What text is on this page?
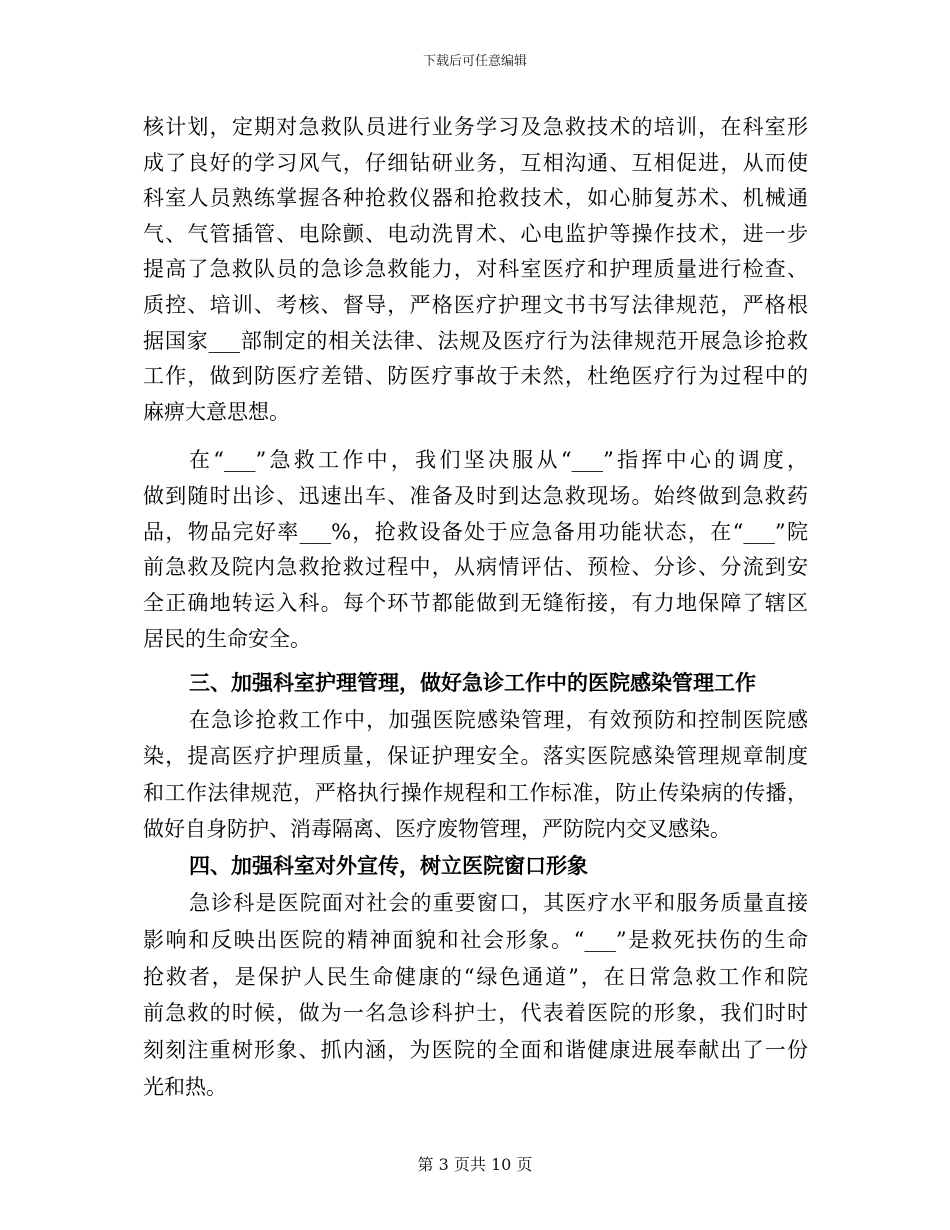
下载后可任意编辑
核计划，定期对急救队员进行业务学习及急救技术的培训，在科室形
成了良好的学习风气，仔细钻研业务，互相沟通、互相促进，从而使
科室人员熟练掌握各种抢救仪器和抢救技术，如心肺复苏术、机械通
气、气管插管、电除颤、电动洗胃术、心电监护等操作技术，进一步
提高了急救队员的急诊急救能力，对科室医疗和护理质量进行检查、
质控、培训、考核、督导，严格医疗护理文书书写法律规范，严格根
据国家___部制定的相关法律、法规及医疗行为法律规范开展急诊抢救
工作，做到防医疗差错、防医疗事故于未然，杜绝医疗行为过程中的
麻痹大意思想。
在“___”急救工作中，我们坚决服从“___”指挥中心的调度，
做到随时出诊、迅速出车、准备及时到达急救现场。始终做到急救药
品，物品完好率___%，抢救设备处于应急备用功能状态，在“___”院
前急救及院内急救抢救过程中，从病情评估、预检、分诊、分流到安
全正确地转运入科。每个环节都能做到无缝衔接，有力地保障了辖区
居民的生命安全。
三、加强科室护理管理，做好急诊工作中的医院感染管理工作
在急诊抢救工作中，加强医院感染管理，有效预防和控制医院感
染，提高医疗护理质量，保证护理安全。落实医院感染管理规章制度
和工作法律规范，严格执行操作规程和工作标准，防止传染病的传播，
做好自身防护、消毒隔离、医疗废物管理，严防院内交叉感染。
四、加强科室对外宣传，树立医院窗口形象
急诊科是医院面对社会的重要窗口，其医疗水平和服务质量直接
影响和反映出医院的精神面貌和社会形象。“___”是救死扶伤的生命
抢救者，是保护人民生命健康的“绿色通道”，在日常急救工作和院
前急救的时候，做为一名急诊科护士，代表着医院的形象，我们时时
刻刻注重树形象、抓内涵，为医院的全面和谐健康进展奉献出了一份
光和热。
第 3 页共 10 页
